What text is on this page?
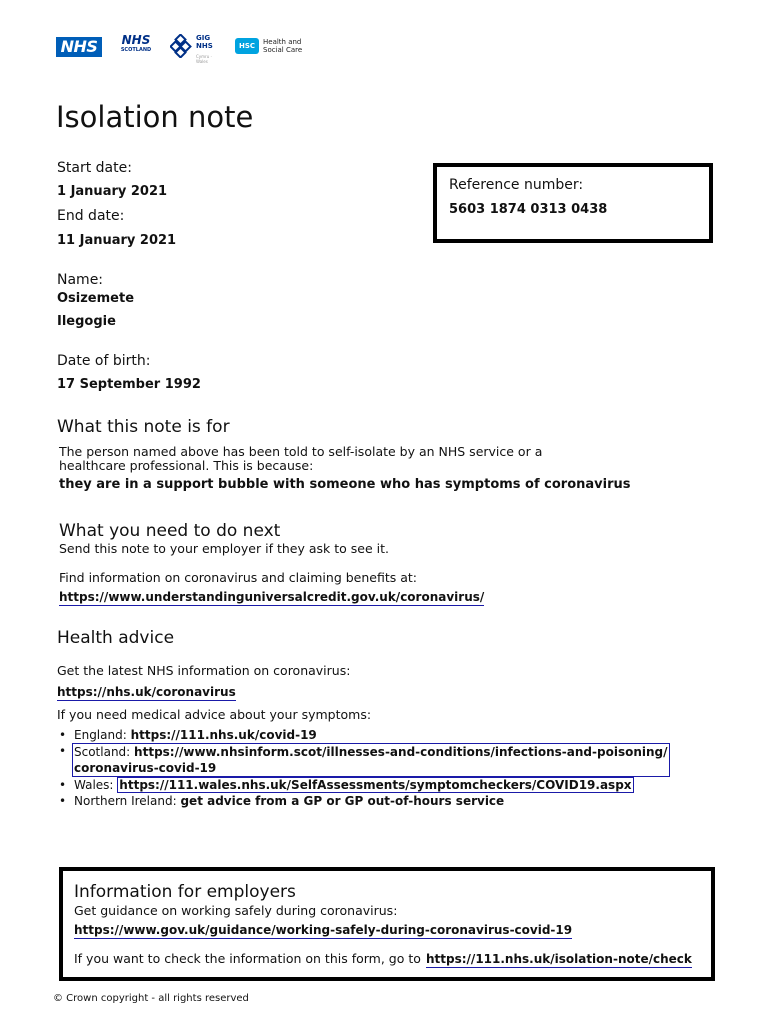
NHS	NHS
SCOTLAND
GIG
NHS
Cymru · Wales
HSC	Health and
Social Care
Isolation note
Start date:
1 January 2021
End date:
11 January 2021
Reference number:
5603 1874 0313 0438
Name:
Osizemete
Ilegogie
Date of birth:
17 September 1992
What this note is for
The person named above has been told to self-isolate by an NHS service or a
healthcare professional. This is because:
they are in a support bubble with someone who has symptoms of coronavirus
What you need to do next
Send this note to your employer if they ask to see it.
Find information on coronavirus and claiming benefits at:
https://www.understandinguniversalcredit.gov.uk/coronavirus/
Health advice
Get the latest NHS information on coronavirus:
https://nhs.uk/coronavirus
If you need medical advice about your symptoms:
• England: https://111.nhs.uk/covid-19
• Scotland: https://www.nhsinform.scot/illnesses-and-conditions/infections-and-poisoning/
coronavirus-covid-19
• Wales: https://111.wales.nhs.uk/SelfAssessments/symptomcheckers/COVID19.aspx
• Northern Ireland: get advice from a GP or GP out-of-hours service
Information for employers
Get guidance on working safely during coronavirus:
https://www.gov.uk/guidance/working-safely-during-coronavirus-covid-19
If you want to check the information on this form, go to https://111.nhs.uk/isolation-note/check
© Crown copyright - all rights reserved
